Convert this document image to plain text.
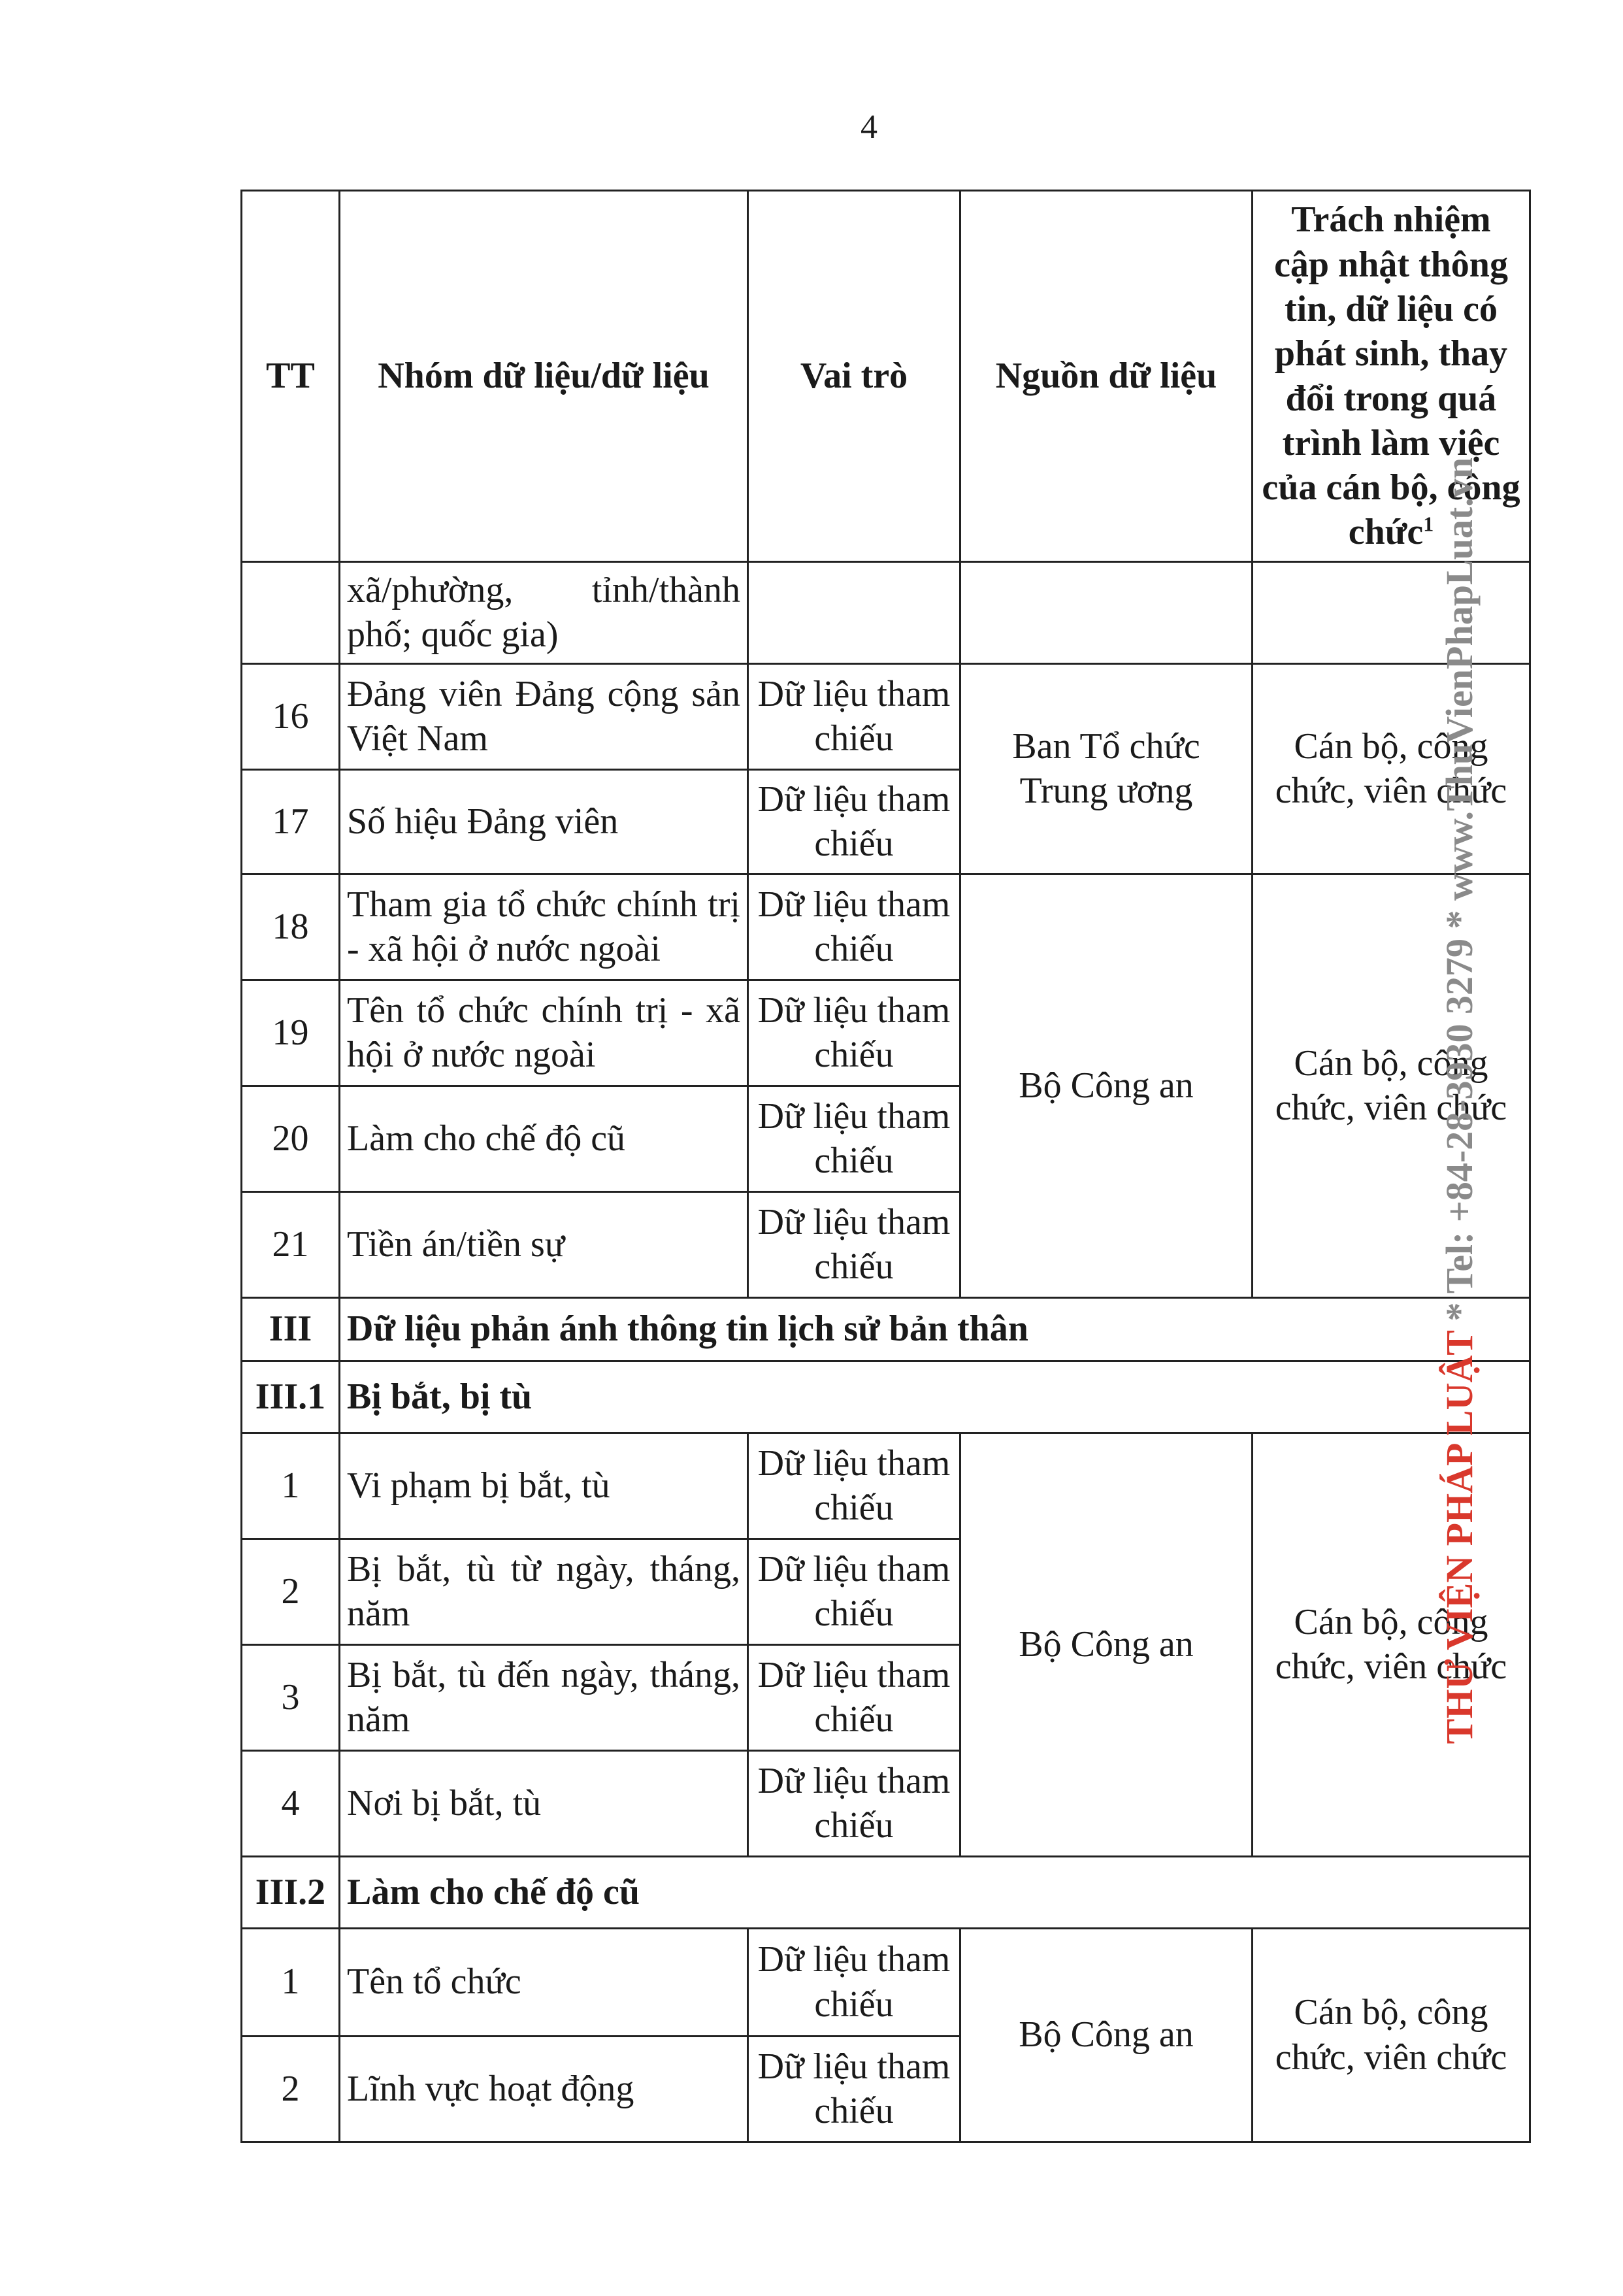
4
TT	Nhóm dữ liệu/dữ liệu	Vai trò	Nguồn dữ liệu	Trách nhiệm cập nhật thông tin, dữ liệu có phát sinh, thay đổi trong quá trình làm việc của cán bộ, công chức$^1$
	xã/phường, tỉnh/thành phố; quốc gia)			
16	Đảng viên Đảng cộng sản Việt Nam	Dữ liệu tham chiếu	Ban Tổ chức Trung ương	Cán bộ, công chức, viên chức
17	Số hiệu Đảng viên	Dữ liệu tham chiếu		
18	Tham gia tổ chức chính trị - xã hội ở nước ngoài	Dữ liệu tham chiếu	Bộ Công an	Cán bộ, công chức, viên chức
19	Tên tổ chức chính trị - xã hội ở nước ngoài	Dữ liệu tham chiếu		
20	Làm cho chế độ cũ	Dữ liệu tham chiếu		
21	Tiền án/tiền sự	Dữ liệu tham chiếu		
III	Dữ liệu phản ánh thông tin lịch sử bản thân			
III.1	Bị bắt, bị tù			
1	Vi phạm bị bắt, tù	Dữ liệu tham chiếu	Bộ Công an	Cán bộ, công chức, viên chức
2	Bị bắt, tù từ ngày, tháng, năm	Dữ liệu tham chiếu		
3	Bị bắt, tù đến ngày, tháng, năm	Dữ liệu tham chiếu		
4	Nơi bị bắt, tù	Dữ liệu tham chiếu		
III.2	Làm cho chế độ cũ			
1	Tên tổ chức	Dữ liệu tham chiếu	Bộ Công an	Cán bộ, công chức, viên chức
2	Lĩnh vực hoạt động	Dữ liệu tham chiếu		
THƯ VIỆN PHÁP LUẬT * Tel: +84-28-3930 3279 * www.ThuVienPhapLuat.vn
